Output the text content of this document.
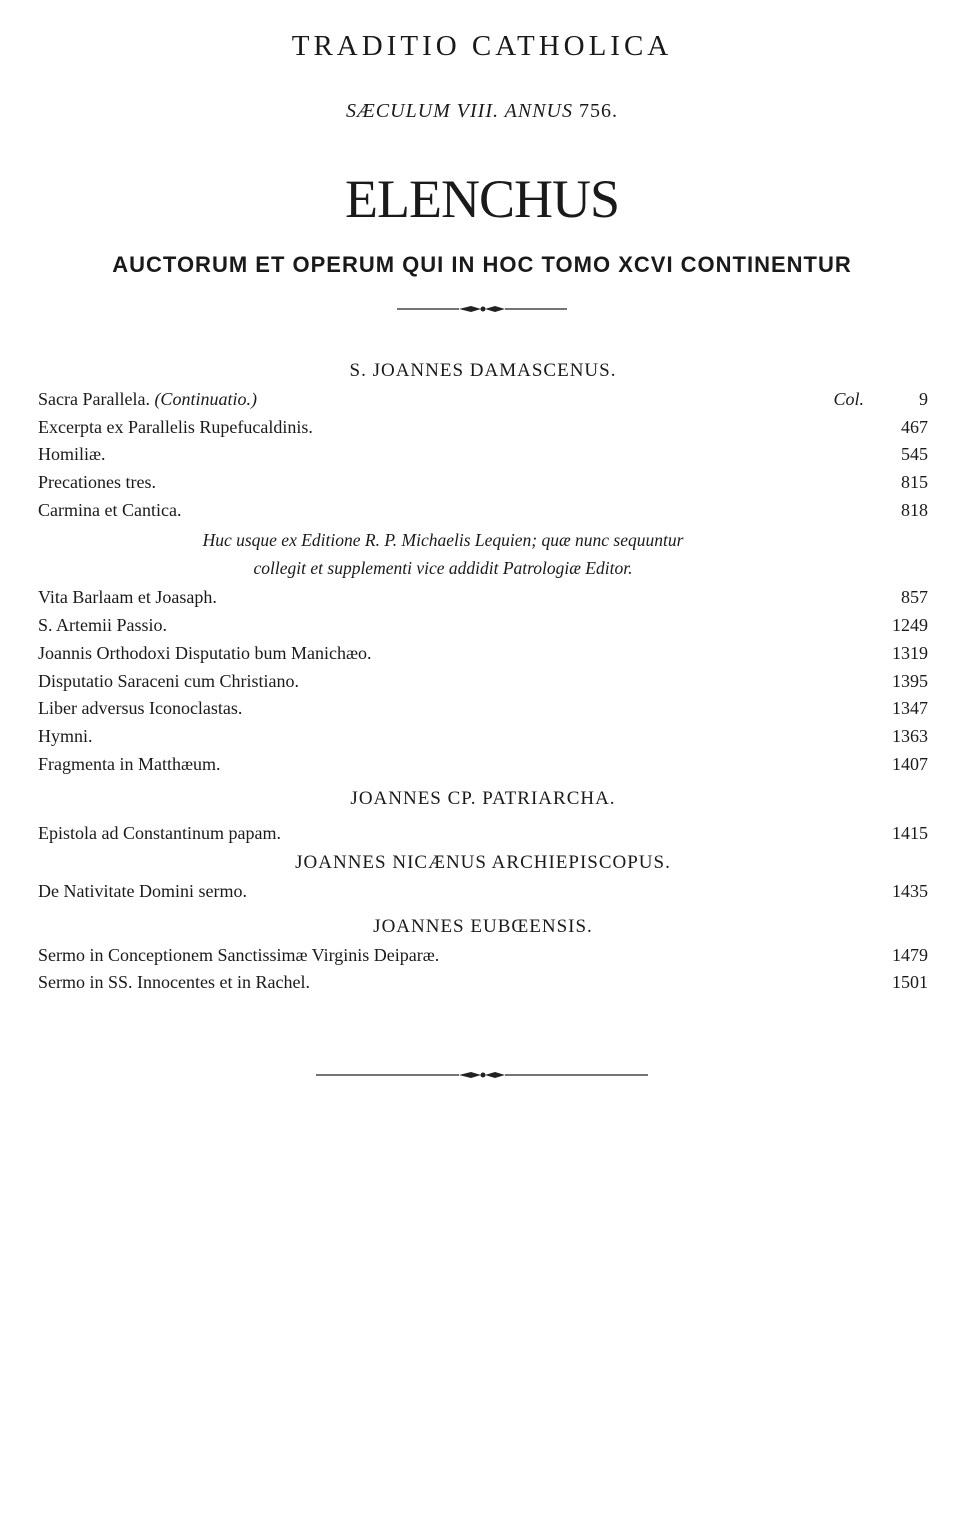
TRADITIO CATHOLICA
SÆCULUM VIII. ANNUS 756.
ELENCHUS
AUCTORUM ET OPERUM QUI IN HOC TOMO XCVI CONTINENTUR
S. JOANNES DAMASCENUS.
Sacra Parallela. (Continuatio.)	Col.	9
Excerpta ex Parallelis Rupefucaldinis.	467
Homiliæ.	545
Precationes tres.	815
Carmina et Cantica.	818
Huc usque ex Editione R. P. Michaelis Lequien; quæ nunc sequuntur
collegit et supplementi vice addidit Patrologiæ Editor.
Vita Barlaam et Joasaph.	857
S. Artemii Passio.	1249
Joannis Orthodoxi Disputatio bum Manichæo.	1319
Disputatio Saraceni cum Christiano.	1395
Liber adversus Iconoclastas.	1347
Hymni.	1363
Fragmenta in Matthæum.	1407
JOANNES CP. PATRIARCHA.
Epistola ad Constantinum papam.	1415
JOANNES NICÆNUS ARCHIEPISCOPUS.
De Nativitate Domini sermo.	1435
JOANNES EUBŒENSIS.
Sermo in Conceptionem Sanctissimæ Virginis Deiparæ.	1479
Sermo in SS. Innocentes et in Rachel.	1501
